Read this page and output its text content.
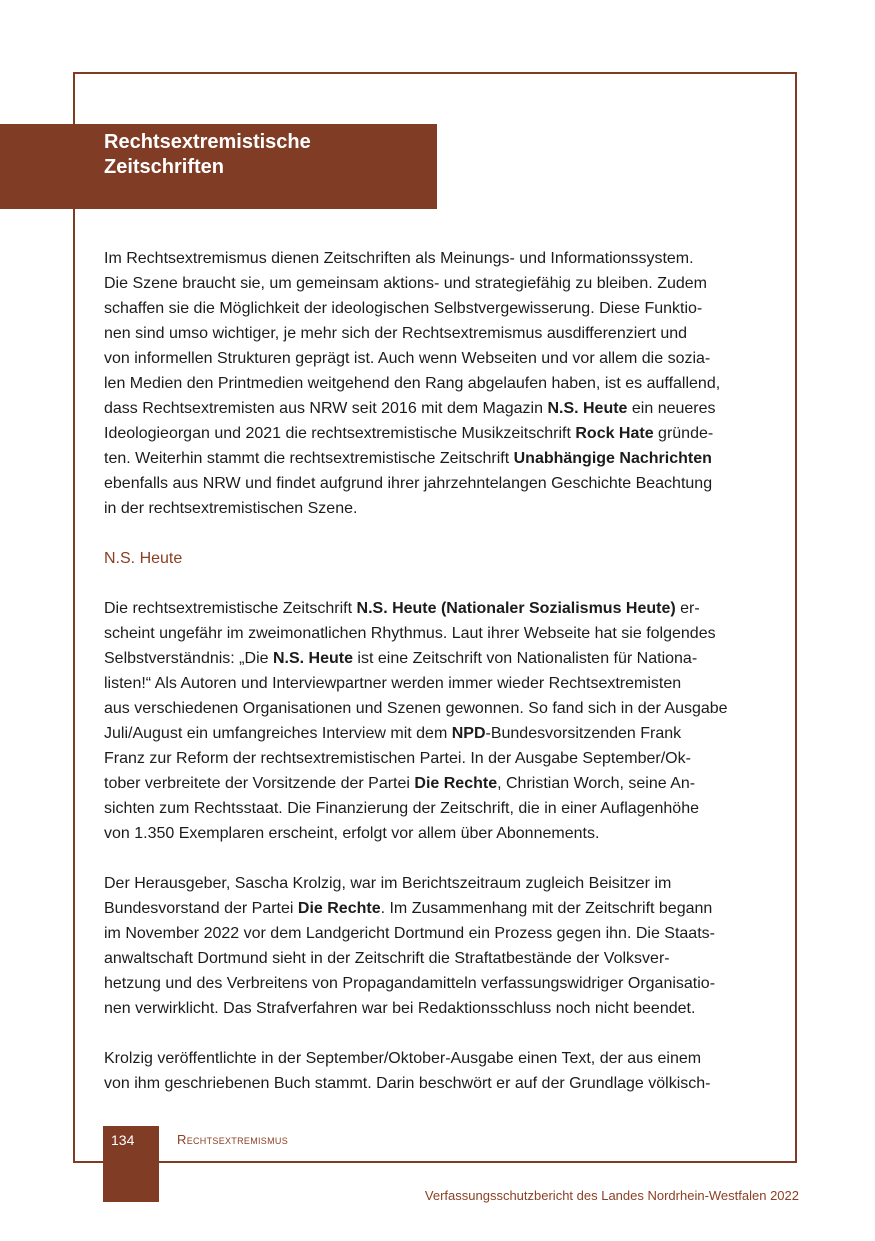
Rechtsextremistische
Zeitschriften

Im Rechtsextremismus dienen Zeitschriften als Meinungs- und Informationssystem.
Die Szene braucht sie, um gemeinsam aktions- und strategiefähig zu bleiben. Zudem
schaffen sie die Möglichkeit der ideologischen Selbstvergewisserung. Diese Funktio-
nen sind umso wichtiger, je mehr sich der Rechtsextremismus ausdifferenziert und
von informellen Strukturen geprägt ist. Auch wenn Webseiten und vor allem die sozia-
len Medien den Printmedien weitgehend den Rang abgelaufen haben, ist es auffallend,
dass Rechtsextremisten aus NRW seit 2016 mit dem Magazin N.S. Heute ein neueres
Ideologieorgan und 2021 die rechtsextremistische Musikzeitschrift Rock Hate gründe-
ten. Weiterhin stammt die rechtsextremistische Zeitschrift Unabhängige Nachrichten
ebenfalls aus NRW und findet aufgrund ihrer jahrzehntelangen Geschichte Beachtung
in der rechtsextremistischen Szene.

N.S. Heute

Die rechtsextremistische Zeitschrift N.S. Heute (Nationaler Sozialismus Heute) er-
scheint ungefähr im zweimonatlichen Rhythmus. Laut ihrer Webseite hat sie folgendes
Selbstverständnis: „Die N.S. Heute ist eine Zeitschrift von Nationalisten für Nationa-
listen!“ Als Autoren und Interviewpartner werden immer wieder Rechtsextremisten
aus verschiedenen Organisationen und Szenen gewonnen. So fand sich in der Ausgabe
Juli/August ein umfangreiches Interview mit dem NPD-Bundesvorsitzenden Frank
Franz zur Reform der rechtsextremistischen Partei. In der Ausgabe September/Ok-
tober verbreitete der Vorsitzende der Partei Die Rechte, Christian Worch, seine An-
sichten zum Rechtsstaat. Die Finanzierung der Zeitschrift, die in einer Auflagenhöhe
von 1.350 Exemplaren erscheint, erfolgt vor allem über Abonnements.

Der Herausgeber, Sascha Krolzig, war im Berichtszeitraum zugleich Beisitzer im
Bundesvorstand der Partei Die Rechte. Im Zusammenhang mit der Zeitschrift begann
im November 2022 vor dem Landgericht Dortmund ein Prozess gegen ihn. Die Staats-
anwaltschaft Dortmund sieht in der Zeitschrift die Straftatbestände der Volksver-
hetzung und des Verbreitens von Propagandamitteln verfassungswidriger Organisatio-
nen verwirklicht. Das Strafverfahren war bei Redaktionsschluss noch nicht beendet.

Krolzig veröffentlichte in der September/Oktober-Ausgabe einen Text, der aus einem
von ihm geschriebenen Buch stammt. Darin beschwört er auf der Grundlage völkisch-

134	Rechtsextremismus
Verfassungsschutzbericht des Landes Nordrhein-Westfalen 2022
